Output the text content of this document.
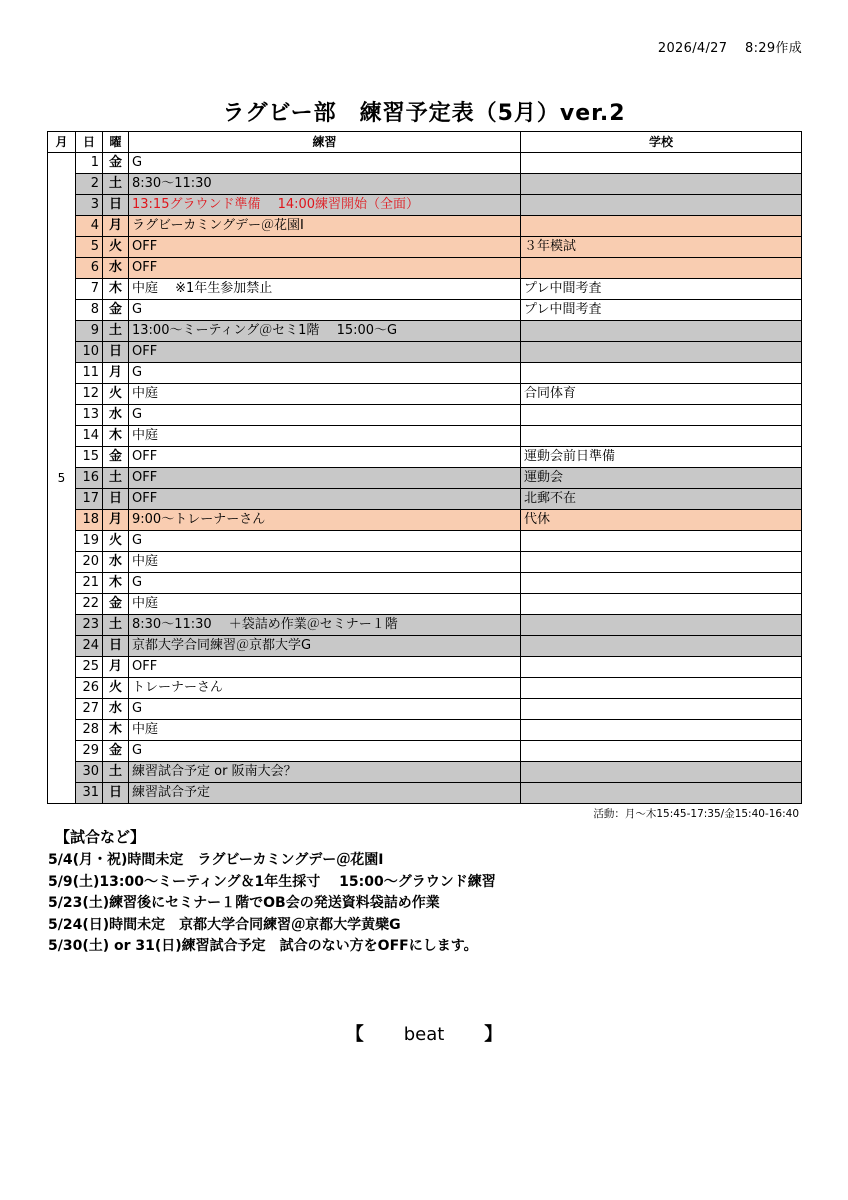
2026/4/27　 8:29作成
ラグビー部　練習予定表（5月）ver.2
月	日	曜	練習	学校
5	1	金	G	
	2	土	8:30～11:30	
	3	日	13:15グラウンド準備　 14:00練習開始（全面）	
	4	月	ラグビーカミングデー＠花園Ⅰ	
	5	火	OFF	３年模試
	6	水	OFF	
	7	木	中庭　 ※1年生参加禁止	プレ中間考査
	8	金	G	プレ中間考査
	9	土	13:00～ミーティング＠セミ1階　 15:00～G	
	10	日	OFF	
	11	月	G	
	12	火	中庭	合同体育
	13	水	G	
	14	木	中庭	
	15	金	OFF	運動会前日準備
	16	土	OFF	運動会
	17	日	OFF	北郵不在
	18	月	9:00～トレーナーさん	代休
	19	火	G	
	20	水	中庭	
	21	木	G	
	22	金	中庭	
	23	土	8:30～11:30　 ＋袋詰め作業＠セミナー１階	
	24	日	京都大学合同練習＠京都大学G	
	25	月	OFF	
	26	火	トレーナーさん	
	27	水	G	
	28	木	中庭	
	29	金	G	
	30	土	練習試合予定 or 阪南大会？	
	31	日	練習試合予定	
活動：月～木15:45-17:35/金15:40-16:40
【試合など】
5/4(月・祝)時間未定　ラグビーカミングデー＠花園Ⅰ
5/9(土)13:00～ミーティング＆1年生採寸　 15:00～グラウンド練習
5/23(土)練習後にセミナー１階でOB会の発送資料袋詰め作業
5/24(日)時間未定　京都大学合同練習＠京都大学黄檗G
5/30(土) or 31(日)練習試合予定　試合のない方をOFFにします。
【 beat 】
